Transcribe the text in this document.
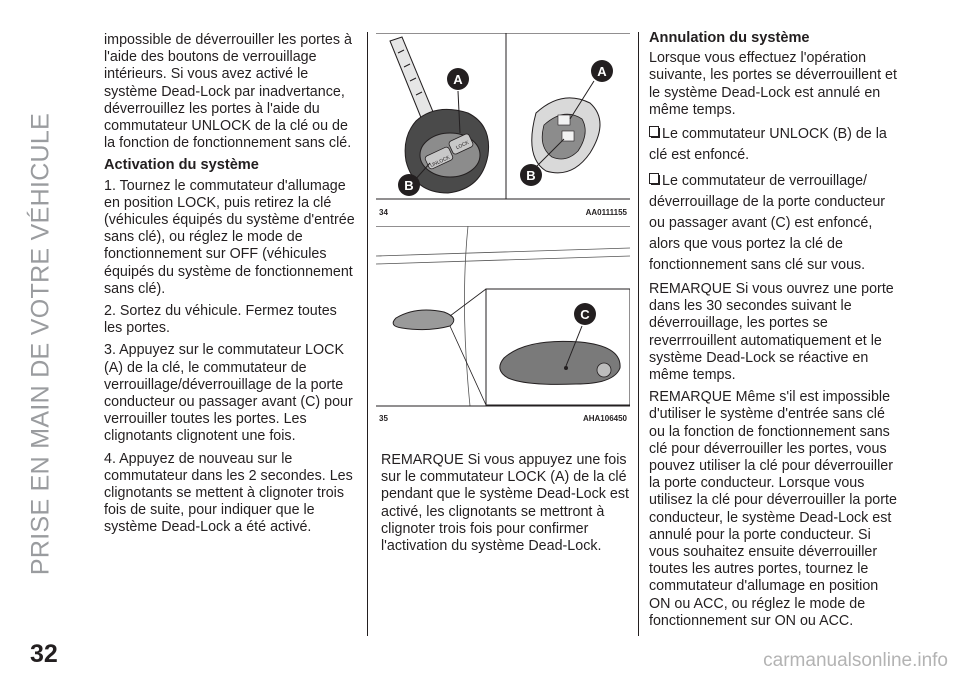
PRISE EN MAIN DE VOTRE VÉHICULE

impossible de déverrouiller les portes à l'aide des boutons de verrouillage intérieurs. Si vous avez activé le système Dead-Lock par inadvertance, déverrouillez les portes à l'aide du commutateur UNLOCK de la clé ou de la fonction de fonctionnement sans clé.

Activation du système

1. Tournez le commutateur d'allumage en position LOCK, puis retirez la clé (véhicules équipés du système d'entrée sans clé), ou réglez le mode de fonctionnement sur OFF (véhicules équipés du système de fonctionnement sans clé).

2. Sortez du véhicule. Fermez toutes les portes.

3. Appuyez sur le commutateur LOCK (A) de la clé, le commutateur de verrouillage/déverrouillage de la porte conducteur ou passager avant (C) pour verrouiller toutes les portes. Les clignotants clignotent une fois.

4. Appuyez de nouveau sur le commutateur dans les 2 secondes. Les clignotants se mettent à clignoter trois fois de suite, pour indiquer que le système Dead-Lock a été activé.

UNLOCK
LOCK
A
B
A
B
34	AA0111155
C
35	AHA106450

REMARQUE Si vous appuyez une fois sur le commutateur LOCK (A) de la clé pendant que le système Dead-Lock est activé, les clignotants se mettront à clignoter trois fois pour confirmer l'activation du système Dead-Lock.

Annulation du système

Lorsque vous effectuez l'opération suivante, les portes se déverrouillent et le système Dead-Lock est annulé en même temps.

Le commutateur UNLOCK (B) de la clé est enfoncé.
Le commutateur de verrouillage/ déverrouillage de la porte conducteur ou passager avant (C) est enfoncé, alors que vous portez la clé de fonctionnement sans clé sur vous.

REMARQUE Si vous ouvrez une porte dans les 30 secondes suivant le déverrouillage, les portes se reverrrouillent automatiquement et le système Dead-Lock se réactive en même temps.

REMARQUE Même s'il est impossible d'utiliser le système d'entrée sans clé ou la fonction de fonctionnement sans clé pour déverrouiller les portes, vous pouvez utiliser la clé pour déverrouiller la porte conducteur. Lorsque vous utilisez la clé pour déverrouiller la porte conducteur, le système Dead-Lock est annulé pour la porte conducteur. Si vous souhaitez ensuite déverrouiller toutes les autres portes, tournez le commutateur d'allumage en position ON ou ACC, ou réglez le mode de fonctionnement sur ON ou ACC.

32	carmanualsonline.info
